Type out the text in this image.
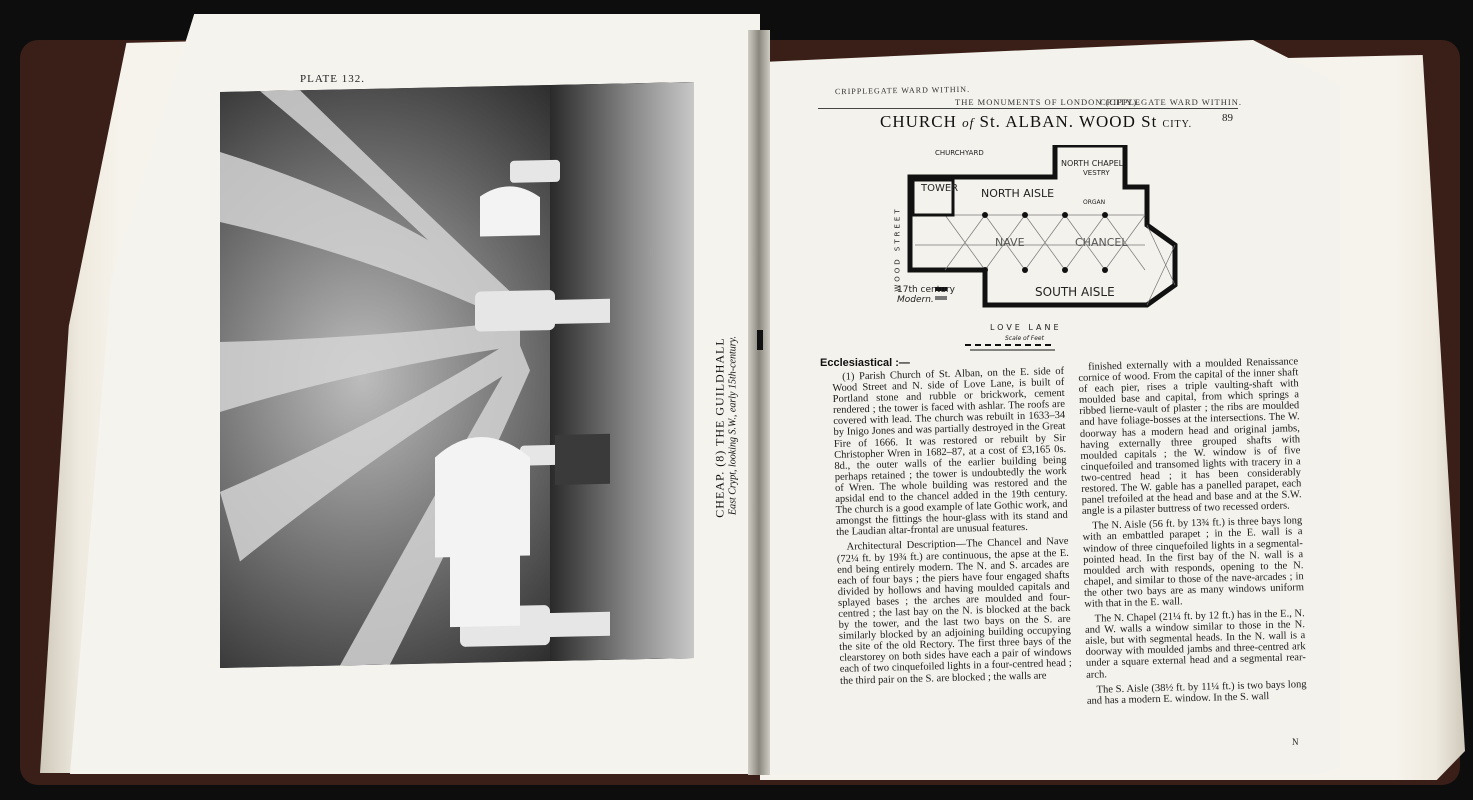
PLATE 132.
CHEAP. (8) THE GUILDHALL East Crypt, looking S.W., early 15th-century.
CRIPPLEGATE WARD WITHIN.
THE MONUMENTS OF LONDON (CITY).
CRIPPLEGATE WARD WITHIN.
89
CHURCH of St. ALBAN. WOOD St CITY.
CHURCHYARD
NORTH CHAPEL
VESTRY
TOWER NORTH AISLE
ORGAN
NAVE	CHANCEL
SOUTH AISLE
WOOD STREET
LOVE LANE
17th century
Modern.
Scale of Feet
Ecclesiastical :—

(1) Parish Church of St. Alban, on the E. side of Wood Street and N. side of Love Lane, is built of Portland stone and rubble or brickwork, cement rendered ; the tower is faced with ashlar. The roofs are covered with lead. The church was rebuilt in 1633–34 by Inigo Jones and was partially destroyed in the Great Fire of 1666. It was restored or rebuilt by Sir Christopher Wren in 1682–87, at a cost of £3,165 0s. 8d., the outer walls of the earlier building being perhaps retained ; the tower is undoubtedly the work of Wren. The whole building was restored and the apsidal end to the chancel added in the 19th century. The church is a good example of late Gothic work, and amongst the fittings the hour-glass with its stand and the Laudian altar-frontal are unusual features.

Architectural Description—The Chancel and Nave (72¼ ft. by 19¾ ft.) are continuous, the apse at the E. end being entirely modern. The N. and S. arcades are each of four bays ; the piers have four engaged shafts divided by hollows and having moulded capitals and splayed bases ; the arches are moulded and four-centred ; the last bay on the N. is blocked at the back by the tower, and the last two bays on the S. are similarly blocked by an adjoining building occupying the site of the old Rectory. The first three bays of the clearstorey on both sides have each a pair of windows each of two cinquefoiled lights in a four-centred head ; the third pair on the S. are blocked ; the walls are

finished externally with a moulded Renaissance cornice of wood. From the capital of the inner shaft of each pier, rises a triple vaulting-shaft with moulded base and capital, from which springs a ribbed lierne-vault of plaster ; the ribs are moulded and have foliage-bosses at the intersections. The W. doorway has a modern head and original jambs, having externally three grouped shafts with moulded capitals ; the W. window is of five cinquefoiled and transomed lights with tracery in a two-centred head ; it has been considerably restored. The W. gable has a panelled parapet, each panel trefoiled at the head and base and at the S.W. angle is a pilaster buttress of two recessed orders.

The N. Aisle (56 ft. by 13¾ ft.) is three bays long with an embattled parapet ; in the E. wall is a window of three cinquefoiled lights in a segmental-pointed head. In the first bay of the N. wall is a moulded arch with responds, opening to the N. chapel, and similar to those of the nave-arcades ; in the other two bays are as many windows uniform with that in the E. wall.

The N. Chapel (21¼ ft. by 12 ft.) has in the E., N. and W. walls a window similar to those in the N. aisle, but with segmental heads. In the N. wall is a doorway with moulded jambs and three-centred ark under a square external head and a segmental rear-arch.

The S. Aisle (38½ ft. by 11¼ ft.) is two bays long and has a modern E. window. In the S. wall

N
